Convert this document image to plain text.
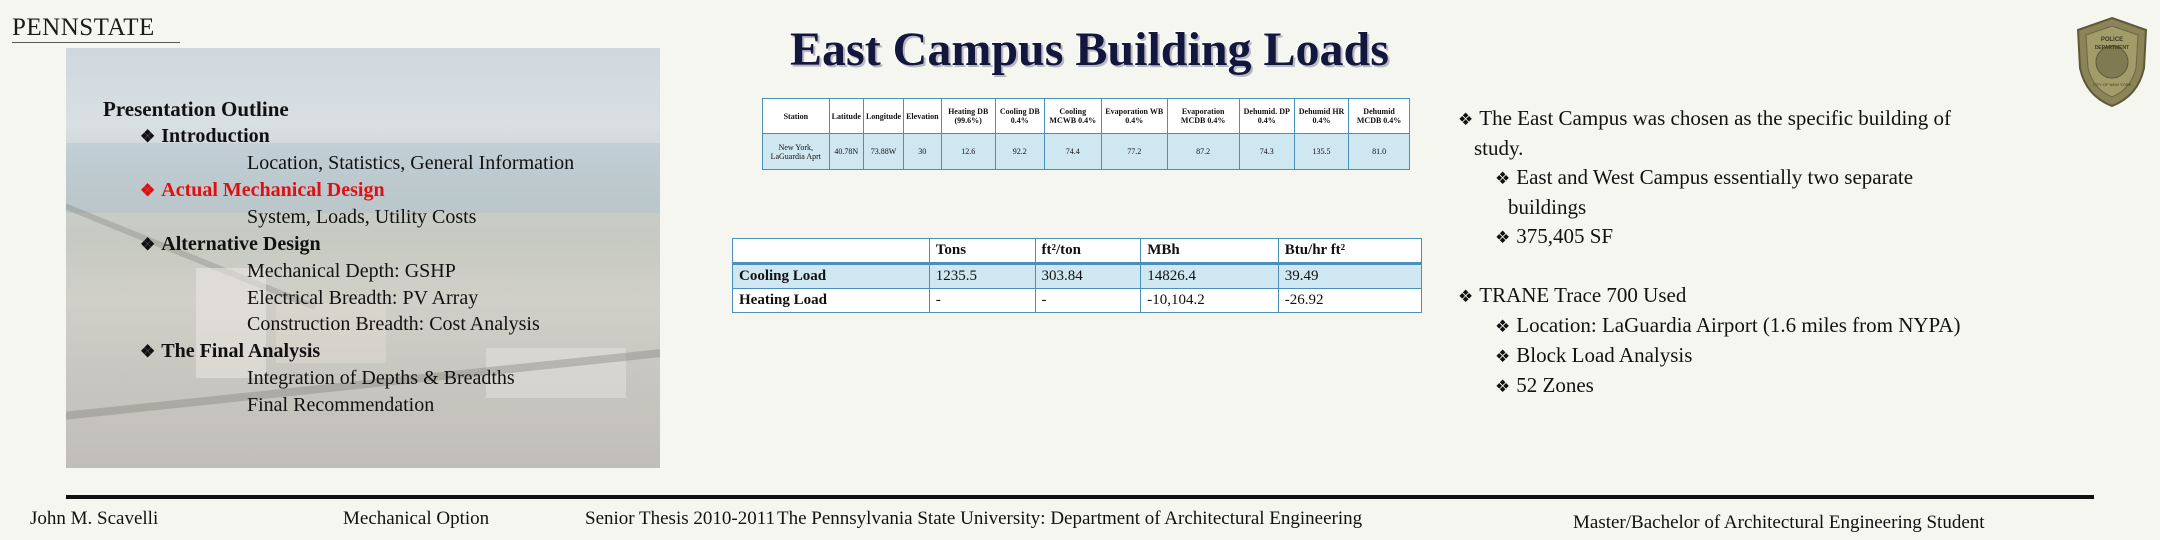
PENNSTATE
Presentation Outline
❖ Introduction
Location, Statistics, General Information
❖ Actual Mechanical Design
System, Loads, Utility Costs
❖ Alternative Design
Mechanical Depth: GSHP
Electrical Breadth: PV Array
Construction Breadth: Cost Analysis
❖ The Final Analysis
Integration of Depths & Breadths
Final Recommendation
East Campus Building Loads
Station	Latitude	Longitude	Elevation	Heating DB (99.6%)	Cooling DB 0.4%	Cooling MCWB 0.4%	Evaporation WB 0.4%	Evaporation MCDB 0.4%	Dehumid. DP 0.4%	Dehumid HR 0.4%	Dehumid MCDB 0.4%
New York, LaGuardia Aprt	40.78N	73.88W	30	12.6	92.2	74.4	77.2	87.2	74.3	135.5	81.0
	Tons	ft²/ton	MBh	Btu/hr ft²
Cooling Load	1235.5	303.84	14826.4	39.49
Heating Load	-	-	-10,104.2	-26.92
❖ The East Campus was chosen as the specific building of
study.
❖ East and West Campus essentially two separate
buildings
❖ 375,405 SF
❖ TRANE Trace 700 Used
❖ Location: LaGuardia Airport (1.6 miles from NYPA)
❖ Block Load Analysis
❖ 52 Zones
POLICE
DEPARTMENT
CITY OF NEW YORK
John M. Scavelli	Mechanical Option	Senior Thesis 2010-2011 The Pennsylvania State University: Department of Architectural Engineering	Master/Bachelor of Architectural Engineering Student
